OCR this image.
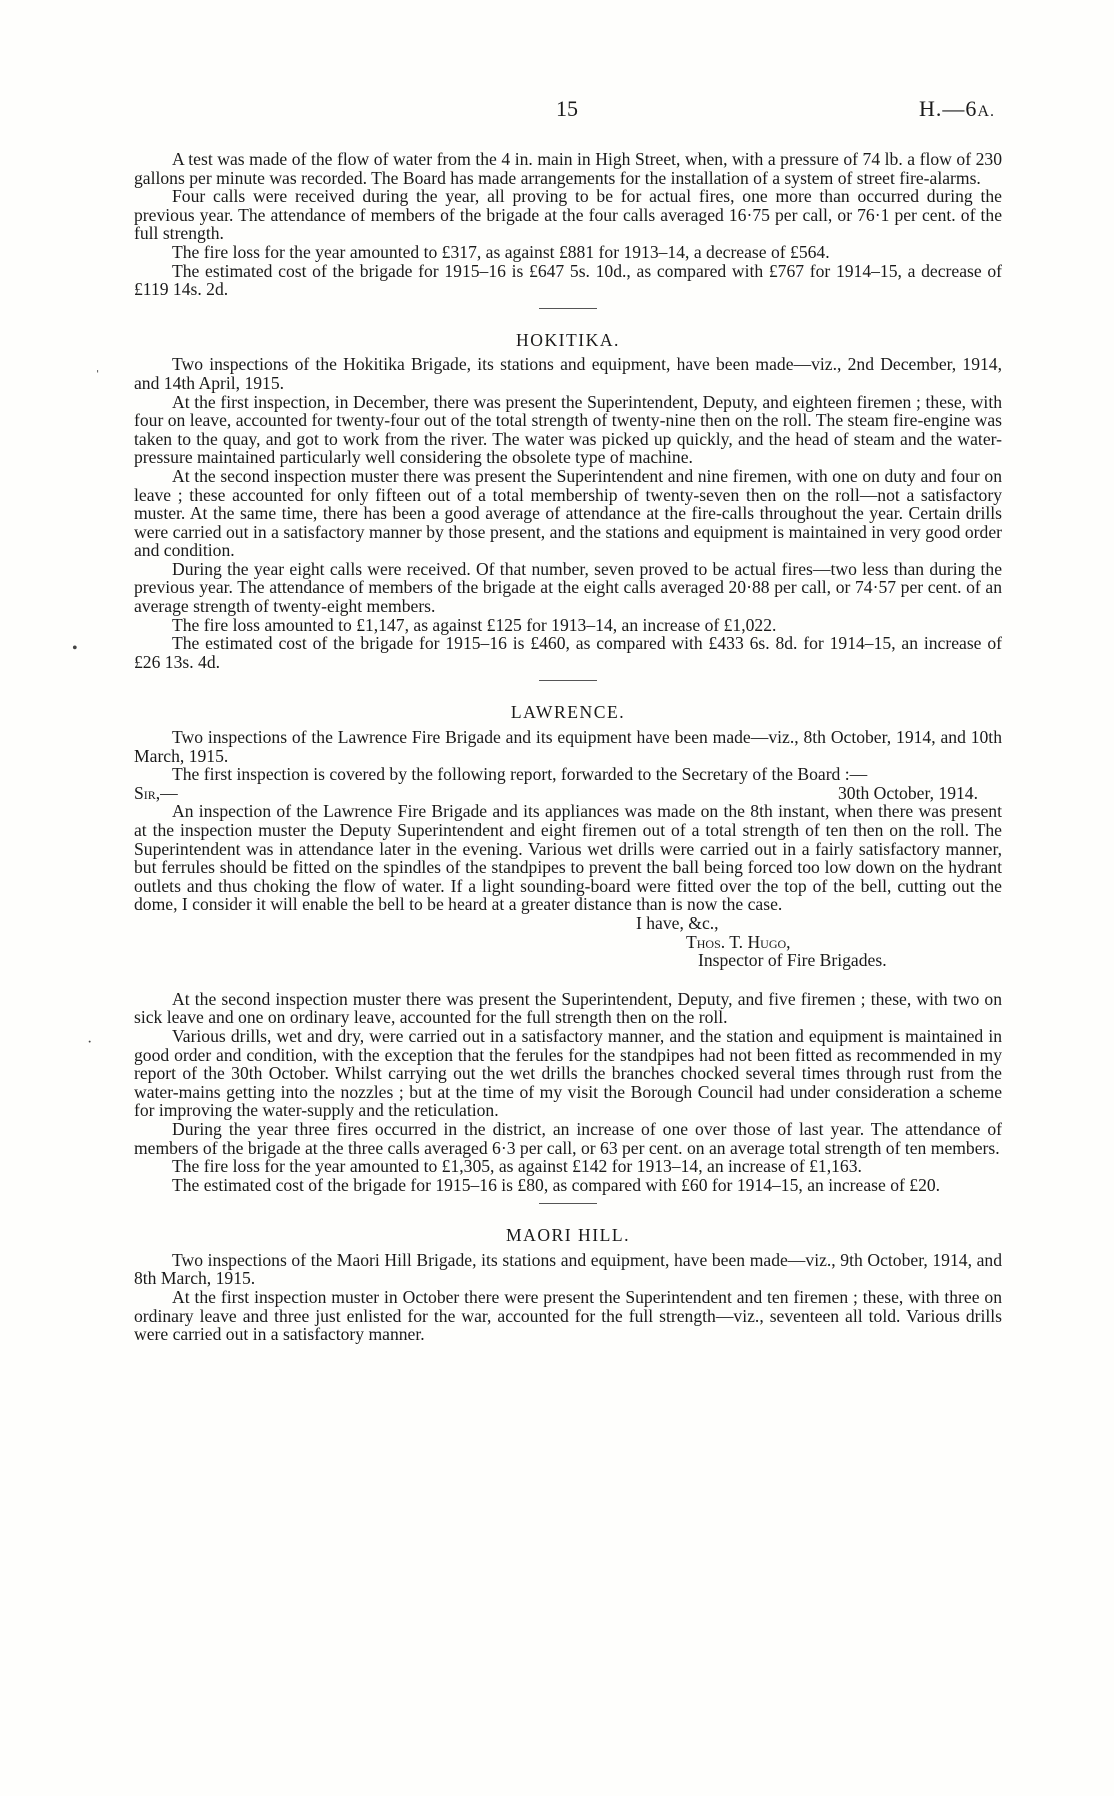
15	H.—6A.

A test was made of the flow of water from the 4 in. main in High Street, when, with a pressure of 74 lb. a flow of 230 gallons per minute was recorded. The Board has made arrangements for the installation of a system of street fire-alarms.

Four calls were received during the year, all proving to be for actual fires, one more than occurred during the previous year. The attendance of members of the brigade at the four calls averaged 16·75 per call, or 76·1 per cent. of the full strength.

The fire loss for the year amounted to £317, as against £881 for 1913–14, a decrease of £564.

The estimated cost of the brigade for 1915–16 is £647 5s. 10d., as compared with £767 for 1914–15, a decrease of £119 14s. 2d.

HOKITIKA.

Two inspections of the Hokitika Brigade, its stations and equipment, have been made—viz., 2nd December, 1914, and 14th April, 1915.

At the first inspection, in December, there was present the Superintendent, Deputy, and eighteen firemen ; these, with four on leave, accounted for twenty-four out of the total strength of twenty-nine then on the roll. The steam fire-engine was taken to the quay, and got to work from the river. The water was picked up quickly, and the head of steam and the water-pressure maintained particularly well considering the obsolete type of machine.

At the second inspection muster there was present the Superintendent and nine firemen, with one on duty and four on leave ; these accounted for only fifteen out of a total membership of twenty-seven then on the roll—not a satisfactory muster. At the same time, there has been a good average of attendance at the fire-calls throughout the year. Certain drills were carried out in a satisfactory manner by those present, and the stations and equipment is maintained in very good order and condition.

During the year eight calls were received. Of that number, seven proved to be actual fires—two less than during the previous year. The attendance of members of the brigade at the eight calls averaged 20·88 per call, or 74·57 per cent. of an average strength of twenty-eight members.

The fire loss amounted to £1,147, as against £125 for 1913–14, an increase of £1,022.

The estimated cost of the brigade for 1915–16 is £460, as compared with £433 6s. 8d. for 1914–15, an increase of £26 13s. 4d.

LAWRENCE.

Two inspections of the Lawrence Fire Brigade and its equipment have been made—viz., 8th October, 1914, and 10th March, 1915.

The first inspection is covered by the following report, forwarded to the Secretary of the Board :—

Sir,—	30th October, 1914.

An inspection of the Lawrence Fire Brigade and its appliances was made on the 8th instant, when there was present at the inspection muster the Deputy Superintendent and eight firemen out of a total strength of ten then on the roll. The Superintendent was in attendance later in the evening. Various wet drills were carried out in a fairly satisfactory manner, but ferrules should be fitted on the spindles of the standpipes to prevent the ball being forced too low down on the hydrant outlets and thus choking the flow of water. If a light sounding-board were fitted over the top of the bell, cutting out the dome, I consider it will enable the bell to be heard at a greater distance than is now the case.

I have, &c.,
Thos. T. Hugo,
Inspector of Fire Brigades.

At the second inspection muster there was present the Superintendent, Deputy, and five firemen ; these, with two on sick leave and one on ordinary leave, accounted for the full strength then on the roll.

Various drills, wet and dry, were carried out in a satisfactory manner, and the station and equipment is maintained in good order and condition, with the exception that the ferules for the standpipes had not been fitted as recommended in my report of the 30th October. Whilst carrying out the wet drills the branches chocked several times through rust from the water-mains getting into the nozzles ; but at the time of my visit the Borough Council had under consideration a scheme for improving the water-supply and the reticulation.

During the year three fires occurred in the district, an increase of one over those of last year. The attendance of members of the brigade at the three calls averaged 6·3 per call, or 63 per cent. on an average total strength of ten members.

The fire loss for the year amounted to £1,305, as against £142 for 1913–14, an increase of £1,163.

The estimated cost of the brigade for 1915–16 is £80, as compared with £60 for 1914–15, an increase of £20.

MAORI HILL.

Two inspections of the Maori Hill Brigade, its stations and equipment, have been made—viz., 9th October, 1914, and 8th March, 1915.

At the first inspection muster in October there were present the Superintendent and ten firemen ; these, with three on ordinary leave and three just enlisted for the war, accounted for the full strength—viz., seventeen all told. Various drills were carried out in a satisfactory manner.

ˈ
•
·
